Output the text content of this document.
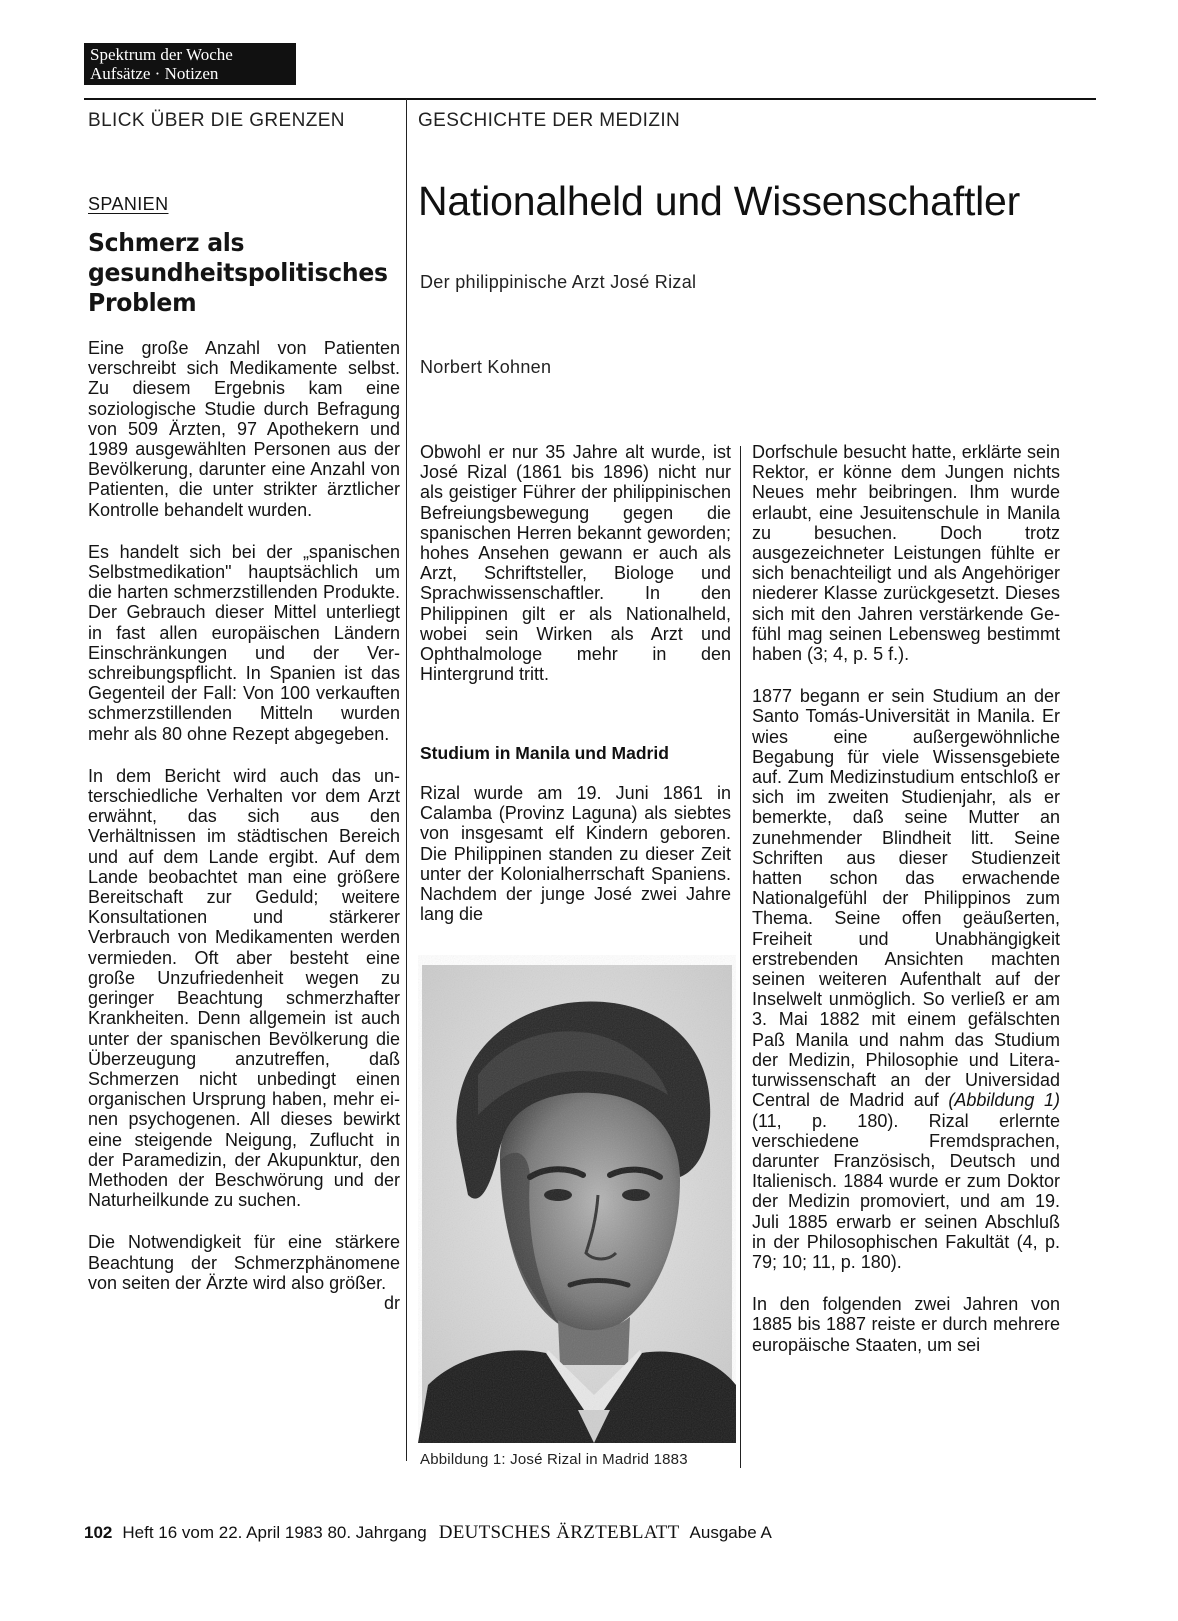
Spektrum der Woche
Aufsätze · Notizen
BLICK ÜBER DIE GRENZEN	GESCHICHTE DER MEDIZIN
SPANIEN
Schmerz als gesundheitspolitisches Problem

Eine große Anzahl von Patienten verschreibt sich Medikamente selbst. Zu diesem Ergebnis kam eine soziologische Studie durch Befragung von 509 Ärzten, 97 Apothekern und 1989 ausgewählten Personen aus der Bevölkerung, darunter eine Anzahl von Patienten, die unter strikter ärztlicher Kontrolle behandelt wurden.

Es handelt sich bei der „spanischen Selbstmedikation" hauptsächlich um die harten schmerzstillenden Produkte. Der Gebrauch dieser Mittel unterliegt in fast allen europäischen Ländern Einschränkungen und der Verschreibungspflicht. In Spanien ist das Gegenteil der Fall: Von 100 verkauften schmerzstillenden Mitteln wurden mehr als 80 ohne Rezept abgegeben.

In dem Bericht wird auch das unterschiedliche Verhalten vor dem Arzt erwähnt, das sich aus den Verhältnissen im städtischen Bereich und auf dem Lande ergibt. Auf dem Lande beobachtet man eine größere Bereitschaft zur Geduld; weitere Konsultationen und stärkerer Verbrauch von Medikamenten werden vermieden. Oft aber besteht eine große Unzufriedenheit wegen zu geringer Beachtung schmerzhafter Krankheiten. Denn allgemein ist auch unter der spanischen Bevölkerung die Überzeugung anzutreffen, daß Schmerzen nicht unbedingt einen organischen Ursprung haben, mehr einen psychogenen. All dieses bewirkt eine steigende Neigung, Zuflucht in der Paramedizin, der Akupunktur, den Methoden der Beschwörung und der Naturheilkunde zu suchen.

Die Notwendigkeit für eine stärkere Beachtung der Schmerzphänomene von seiten der Ärzte wird also größer.
dr

Nationalheld und Wissenschaftler
Der philippinische Arzt José Rizal
Norbert Kohnen

Obwohl er nur 35 Jahre alt wurde, ist José Rizal (1861 bis 1896) nicht nur als geistiger Führer der philippinischen Befreiungsbewegung gegen die spanischen Herren bekannt geworden; hohes Ansehen gewann er auch als Arzt, Schriftsteller, Biologe und Sprachwissenschaftler. In den Philippinen gilt er als Nationalheld, wobei sein Wirken als Arzt und Ophthalmologe mehr in den Hintergrund tritt.

Studium in Manila und Madrid

Rizal wurde am 19. Juni 1861 in Calamba (Provinz Laguna) als siebtes von insgesamt elf Kindern geboren. Die Philippinen standen zu dieser Zeit unter der Kolonialherrschaft Spaniens. Nachdem der junge José zwei Jahre lang die

Abbildung 1: José Rizal in Madrid 1883

Dorfschule besucht hatte, erklärte sein Rektor, er könne dem Jungen nichts Neues mehr beibringen. Ihm wurde erlaubt, eine Jesuitenschule in Manila zu besuchen. Doch trotz ausgezeichneter Leistungen fühlte er sich benachteiligt und als Angehöriger niederer Klasse zurückgesetzt. Dieses sich mit den Jahren verstärkende Gefühl mag seinen Lebensweg bestimmt haben (3; 4, p. 5 f.).

1877 begann er sein Studium an der Santo Tomás-Universität in Manila. Er wies eine außergewöhnliche Begabung für viele Wissensgebiete auf. Zum Medizinstudium entschloß er sich im zweiten Studienjahr, als er bemerkte, daß seine Mutter an zunehmender Blindheit litt. Seine Schriften aus dieser Studienzeit hatten schon das erwachende Nationalgefühl der Philippinos zum Thema. Seine offen geäußerten, Freiheit und Unabhängigkeit erstrebenden Ansichten machten seinen weiteren Aufenthalt auf der Inselwelt unmöglich. So verließ er am 3. Mai 1882 mit einem gefälschten Paß Manila und nahm das Studium der Medizin, Philosophie und Literaturwissenschaft an der Universidad Central de Madrid auf (Abbildung 1) (11, p. 180). Rizal erlernte verschiedene Fremdsprachen, darunter Französisch, Deutsch und Italienisch. 1884 wurde er zum Doktor der Medizin promoviert, und am 19. Juli 1885 erwarb er seinen Abschluß in der Philosophischen Fakultät (4, p. 79; 10; 11, p. 180).

In den folgenden zwei Jahren von 1885 bis 1887 reiste er durch mehrere europäische Staaten, um sei

102 Heft 16 vom 22. April 1983 80. Jahrgang DEUTSCHES ÄRZTEBLATT Ausgabe A
